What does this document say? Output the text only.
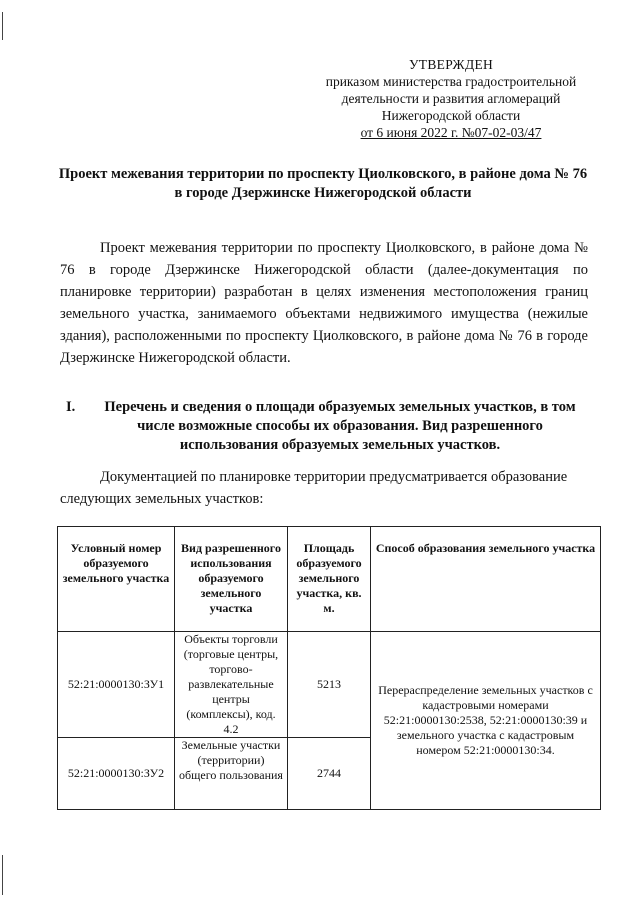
УТВЕРЖДЕН
приказом министерства градостроительной
деятельности и развития агломераций
Нижегородской области
от 6 июня 2022 г. №07-02-03/47
Проект межевания территории по проспекту Циолковского, в районе дома № 76 в городе Дзержинске Нижегородской области
Проект межевания территории по проспекту Циолковского, в районе дома № 76 в городе Дзержинске Нижегородской области (далее-документация по планировке территории) разработан в целях изменения местоположения границ земельного участка, занимаемого объектами недвижимого имущества (нежилые здания), расположенными по проспекту Циолковского, в районе дома № 76 в городе Дзержинске Нижегородской области.
I.	Перечень и сведения о площади образуемых земельных участков, в том числе возможные способы их образования. Вид разрешенного использования образуемых земельных участков.
Документацией по планировке территории предусматривается образование следующих земельных участков:
Условный номер образуемого земельного участка	Вид разрешенного использования образуемого земельного участка	Площадь образуемого земельного участка, кв. м.	Способ образования земельного участка
52:21:0000130:ЗУ1	Объекты торговли (торговые центры, торгово-развлекательные центры (комплексы), код. 4.2	5213	Перераспределение земельных участков с кадастровыми номерами 52:21:0000130:2538, 52:21:0000130:39 и земельного участка с кадастровым номером 52:21:0000130:34.
52:21:0000130:ЗУ2	Земельные участки (территории) общего пользования	2744	
